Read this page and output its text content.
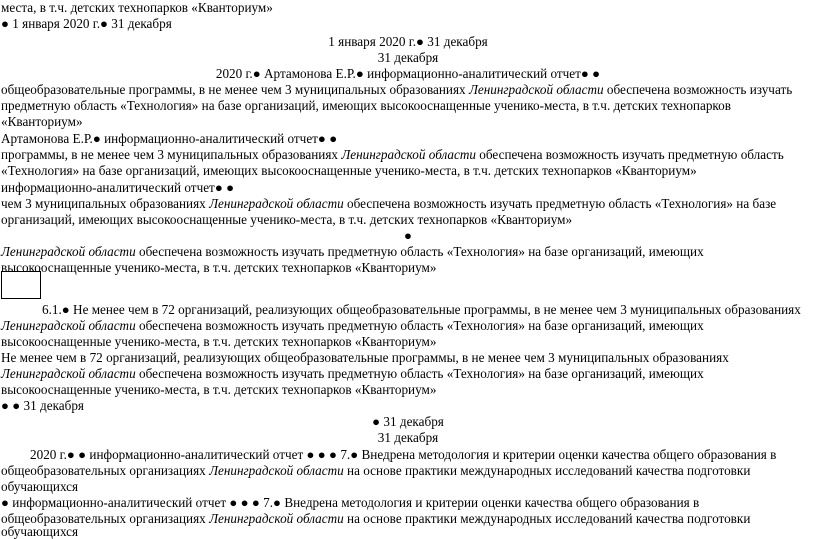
места, в т.ч. детских технопарков «Кванториум»
● 1 января 2020 г.● 31 декабря
1 января 2020 г.● 31 декабря
31 декабря
2020 г.● Артамонова Е.Р.● информационно-аналитический отчет● ●
общеобразовательные программы, в не менее чем 3 муниципальных образованиях Ленинградской области обеспечена возможность изучать
предметную область «Технология» на базе организаций, имеющих высокооснащенные ученико-места, в т.ч. детских технопарков
«Кванториум»
Артамонова Е.Р.● информационно-аналитический отчет● ●
программы, в не менее чем 3 муниципальных образованиях Ленинградской области обеспечена возможность изучать предметную область
«Технология» на базе организаций, имеющих высокооснащенные ученико-места, в т.ч. детских технопарков «Кванториум»
информационно-аналитический отчет● ●
чем 3 муниципальных образованиях Ленинградской области обеспечена возможность изучать предметную область «Технология» на базе
организаций, имеющих высокооснащенные ученико-места, в т.ч. детских технопарков «Кванториум»
●
Ленинградской области обеспечена возможность изучать предметную область «Технология» на базе организаций, имеющих
высокооснащенные ученико-места, в т.ч. детских технопарков «Кванториум»
6.1.● Не менее чем в 72 организаций, реализующих общеобразовательные программы, в не менее чем 3 муниципальных образованиях
Ленинградской области обеспечена возможность изучать предметную область «Технология» на базе организаций, имеющих
высокооснащенные ученико-места, в т.ч. детских технопарков «Кванториум»
Не менее чем в 72 организаций, реализующих общеобразовательные программы, в не менее чем 3 муниципальных образованиях
Ленинградской области обеспечена возможность изучать предметную область «Технология» на базе организаций, имеющих
высокооснащенные ученико-места, в т.ч. детских технопарков «Кванториум»
● ● 31 декабря
● 31 декабря
31 декабря
2020 г.● ● информационно-аналитический отчет ● ● ● 7.● Внедрена методология и критерии оценки качества общего образования в
общеобразовательных организациях Ленинградской области на основе практики международных исследований качества подготовки
обучающихся
● информационно-аналитический отчет ● ● ● 7.● Внедрена методология и критерии оценки качества общего образования в
общеобразовательных организациях Ленинградской области на основе практики международных исследований качества подготовки
обучающихся
